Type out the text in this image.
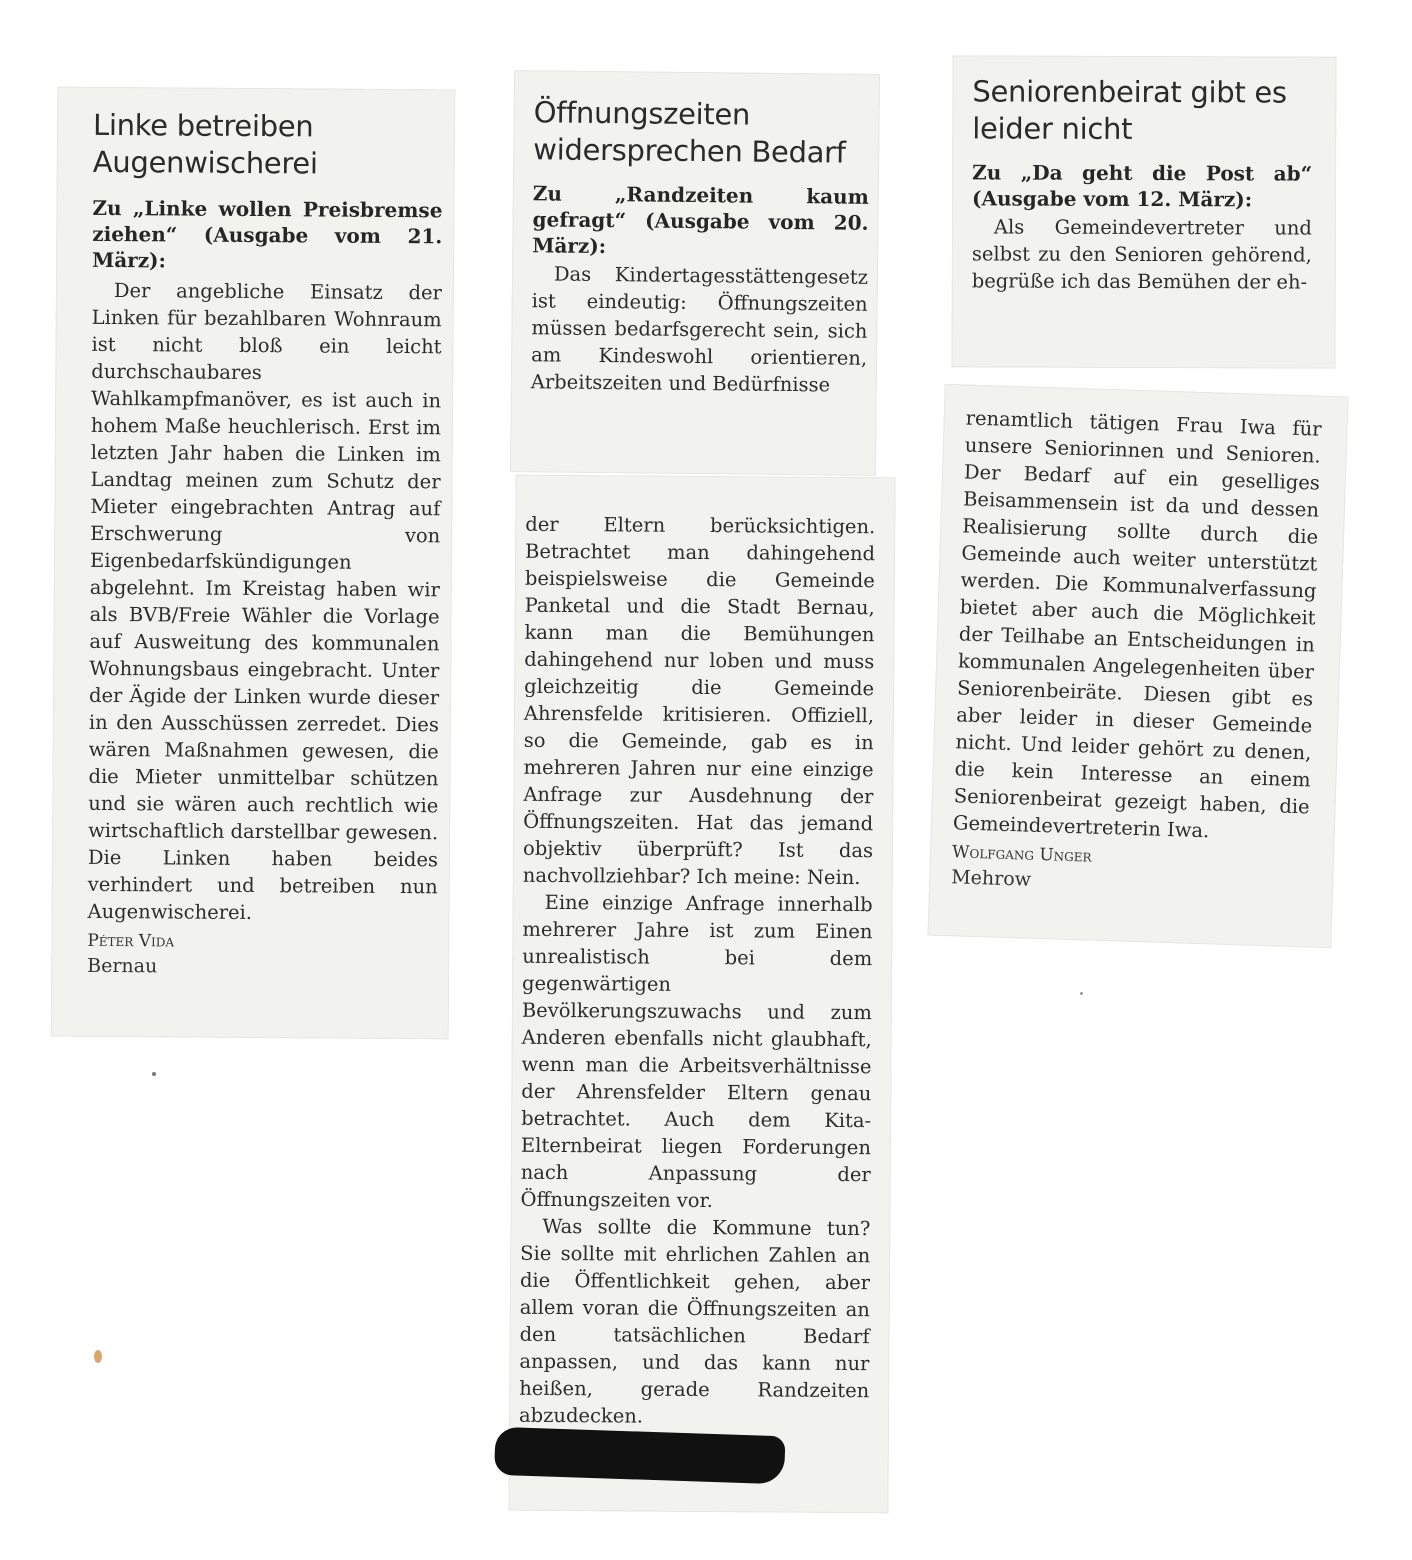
Linke betreiben Augenwischerei

Zu „Linke wollen Preisbremse ziehen“ (Ausgabe vom 21. März):

Der angebliche Einsatz der Linken für bezahlbaren Wohnraum ist nicht bloß ein leicht durchschaubares Wahlkampfmanöver, es ist auch in hohem Maße heuchlerisch. Erst im letzten Jahr haben die Linken im Landtag meinen zum Schutz der Mieter eingebrachten Antrag auf Erschwerung von Eigenbedarfskündigungen abgelehnt. Im Kreistag haben wir als BVB/Freie Wähler die Vorlage auf Ausweitung des kommunalen Wohnungsbaus eingebracht. Unter der Ägide der Linken wurde dieser in den Ausschüssen zerredet. Dies wären Maßnahmen gewesen, die die Mieter unmittelbar schützen und sie wären auch rechtlich wie wirtschaftlich darstellbar gewesen. Die Linken haben beides verhindert und betreiben nun Augenwischerei.

Péter Vida

Bernau

Öffnungszeiten widersprechen Bedarf

Zu „Randzeiten kaum gefragt“ (Ausgabe vom 20. März):

Das Kindertagesstättengesetz ist eindeutig: Öffnungszeiten müssen bedarfsgerecht sein, sich am Kindeswohl orientieren, Arbeitszeiten und Bedürfnisse

der Eltern berücksichtigen. Betrachtet man dahingehend beispielsweise die Gemeinde Panketal und die Stadt Bernau, kann man die Bemühungen dahingehend nur loben und muss gleichzeitig die Gemeinde Ahrensfelde kritisieren. Offiziell, so die Gemeinde, gab es in mehreren Jahren nur eine einzige Anfrage zur Ausdehnung der Öffnungszeiten. Hat das jemand objektiv überprüft? Ist das nachvollziehbar? Ich meine: Nein.
Eine einzige Anfrage innerhalb mehrerer Jahre ist zum Einen unrealistisch bei dem gegenwärtigen Bevölkerungszuwachs und zum Anderen ebenfalls nicht glaubhaft, wenn man die Arbeitsverhältnisse der Ahrensfelder Eltern genau betrachtet. Auch dem Kita-Elternbeirat liegen Forderungen nach Anpassung der Öffnungszeiten vor.
Was sollte die Kommune tun? Sie sollte mit ehrlichen Zahlen an die Öffentlichkeit gehen, aber allem voran die Öffnungszeiten an den tatsächlichen Bedarf anpassen, und das kann nur heißen, gerade Randzeiten abzudecken.

Seniorenbeirat gibt es leider nicht

Zu „Da geht die Post ab“ (Ausgabe vom 12. März):

Als Gemeindevertreter und selbst zu den Senioren gehörend, begrüße ich das Bemühen der eh-

renamtlich tätigen Frau Iwa für unsere Seniorinnen und Senioren. Der Bedarf auf ein geselliges Beisammensein ist da und dessen Realisierung sollte durch die Gemeinde auch weiter unterstützt werden. Die Kommunalverfassung bietet aber auch die Möglichkeit der Teilhabe an Entscheidungen in kommunalen Angelegenheiten über Seniorenbeiräte. Diesen gibt es aber leider in dieser Gemeinde nicht. Und leider gehört zu denen, die kein Interesse an einem Seniorenbeirat gezeigt haben, die Gemeindevertreterin Iwa.

Wolfgang Unger

Mehrow
